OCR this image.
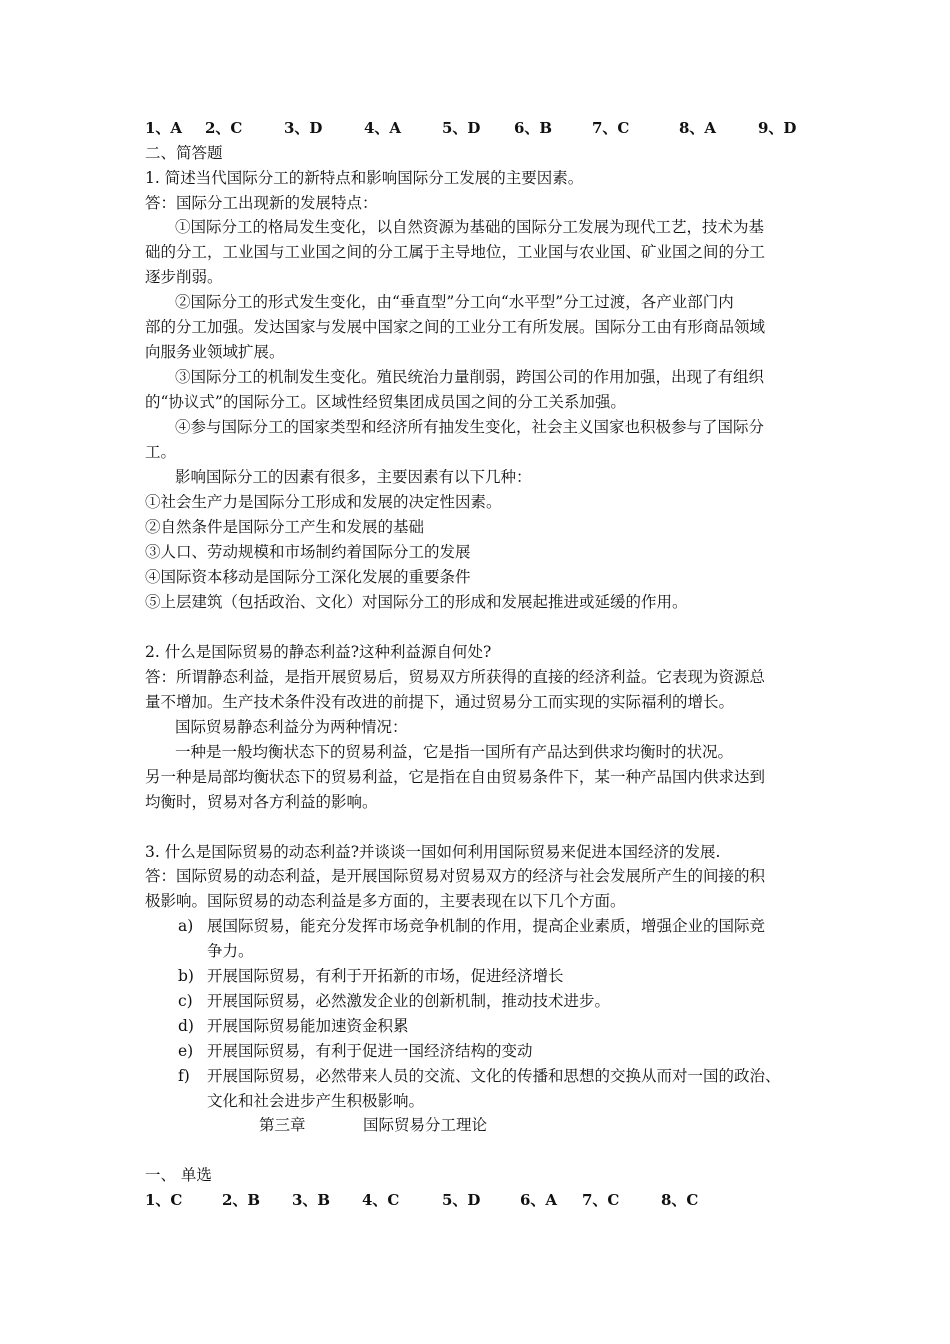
1、A 2、C	3、D	4、A	5、D 6、B	7、C	8、A	9、D
二、简答题
1. 简述当代国际分工的新特点和影响国际分工发展的主要因素。
答：国际分工出现新的发展特点：
①国际分工的格局发生变化，以自然资源为基础的国际分工发展为现代工艺，技术为基
础的分工，工业国与工业国之间的分工属于主导地位，工业国与农业国、矿业国之间的分工
逐步削弱。
②国际分工的形式发生变化，由“垂直型”分工向“水平型”分工过渡，各产业部门内
部的分工加强。发达国家与发展中国家之间的工业分工有所发展。国际分工由有形商品领域
向服务业领域扩展。
③国际分工的机制发生变化。殖民统治力量削弱，跨国公司的作用加强，出现了有组织
的“协议式”的国际分工。区域性经贸集团成员国之间的分工关系加强。
④参与国际分工的国家类型和经济所有抽发生变化，社会主义国家也积极参与了国际分
工。
影响国际分工的因素有很多，主要因素有以下几种：
①社会生产力是国际分工形成和发展的决定性因素。
②自然条件是国际分工产生和发展的基础
③人口、劳动规模和市场制约着国际分工的发展
④国际资本移动是国际分工深化发展的重要条件
⑤上层建筑（包括政治、文化）对国际分工的形成和发展起推进或延缓的作用。
2. 什么是国际贸易的静态利益?这种利益源自何处?
答：所谓静态利益，是指开展贸易后，贸易双方所获得的直接的经济利益。它表现为资源总
量不增加。生产技术条件没有改进的前提下，通过贸易分工而实现的实际福利的增长。
国际贸易静态利益分为两种情况：
一种是一般均衡状态下的贸易利益，它是指一国所有产品达到供求均衡时的状况。
另一种是局部均衡状态下的贸易利益，它是指在自由贸易条件下，某一种产品国内供求达到
均衡时，贸易对各方利益的影响。
3. 什么是国际贸易的动态利益?并谈谈一国如何利用国际贸易来促进本国经济的发展.
答：国际贸易的动态利益，是开展国际贸易对贸易双方的经济与社会发展所产生的间接的积
极影响。国际贸易的动态利益是多方面的，主要表现在以下几个方面。
a) 展国际贸易，能充分发挥市场竞争机制的作用，提高企业素质，增强企业的国际竞
争力。
b) 开展国际贸易，有利于开拓新的市场，促进经济增长
c) 开展国际贸易，必然激发企业的创新机制，推动技术进步。
d) 开展国际贸易能加速资金积累
e) 开展国际贸易，有利于促进一国经济结构的变动
f) 开展国际贸易，必然带来人员的交流、文化的传播和思想的交换从而对一国的政治、
文化和社会进步产生积极影响。
第三章	国际贸易分工理论
一、 单选
1、C	2、B 3、B 4、C	5、D	6、A 7、C	8、C
